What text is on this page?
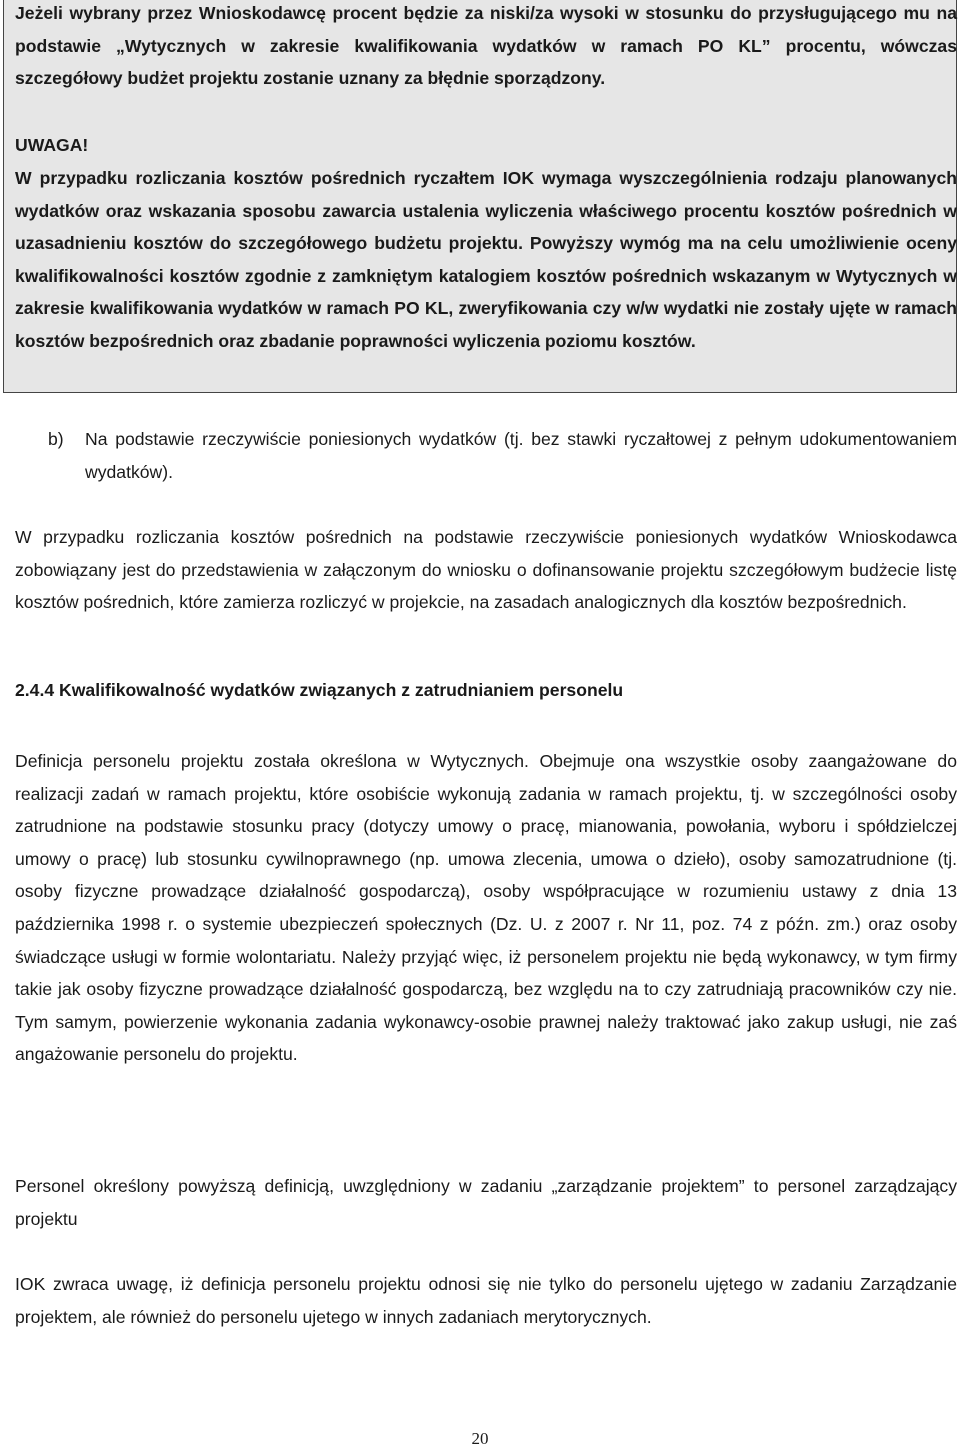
Jeżeli wybrany przez Wnioskodawcę procent będzie za niski/za wysoki w stosunku do przysługującego mu na podstawie „Wytycznych w zakresie kwalifikowania wydatków w ramach PO KL” procentu, wówczas szczegółowy budżet projektu zostanie uznany za błędnie sporządzony.

UWAGA!

W przypadku rozliczania kosztów pośrednich ryczałtem IOK wymaga wyszczególnienia rodzaju planowanych wydatków oraz wskazania sposobu zawarcia ustalenia wyliczenia właściwego procentu kosztów pośrednich w uzasadnieniu kosztów do szczegółowego budżetu projektu. Powyższy wymóg ma na celu umożliwienie oceny kwalifikowalności kosztów zgodnie z zamkniętym katalogiem kosztów pośrednich wskazanym w Wytycznych w zakresie kwalifikowania wydatków w ramach PO KL, zweryfikowania czy w/w wydatki nie zostały ujęte w ramach kosztów bezpośrednich oraz zbadanie poprawności wyliczenia poziomu kosztów.

b)	Na podstawie rzeczywiście poniesionych wydatków (tj. bez stawki ryczałtowej z pełnym udokumentowaniem wydatków).

W przypadku rozliczania kosztów pośrednich na podstawie rzeczywiście poniesionych wydatków Wnioskodawca zobowiązany jest do przedstawienia w załączonym do wniosku o dofinansowanie projektu szczegółowym budżecie listę kosztów pośrednich, które zamierza rozliczyć w projekcie, na zasadach analogicznych dla kosztów bezpośrednich.

2.4.4 Kwalifikowalność wydatków związanych z zatrudnianiem personelu

Definicja personelu projektu została określona w Wytycznych. Obejmuje ona wszystkie osoby zaangażowane do realizacji zadań w ramach projektu, które osobiście wykonują zadania w ramach projektu, tj. w szczególności osoby zatrudnione na podstawie stosunku pracy (dotyczy umowy o pracę, mianowania, powołania, wyboru i spółdzielczej umowy o pracę) lub stosunku cywilnoprawnego (np. umowa zlecenia, umowa o dzieło), osoby samozatrudnione (tj. osoby fizyczne prowadzące działalność gospodarczą), osoby współpracujące w rozumieniu ustawy z dnia 13 października 1998 r. o systemie ubezpieczeń społecznych (Dz. U. z 2007 r. Nr 11, poz. 74 z późn. zm.) oraz osoby świadczące usługi w formie wolontariatu. Należy przyjąć więc, iż personelem projektu nie będą wykonawcy, w tym firmy takie jak osoby fizyczne prowadzące działalność gospodarczą, bez względu na to czy zatrudniają pracowników czy nie. Tym samym, powierzenie wykonania zadania wykonawcy-osobie prawnej należy traktować jako zakup usługi, nie zaś angażowanie personelu do projektu.

Personel określony powyższą definicją, uwzględniony w zadaniu „zarządzanie projektem” to personel zarządzający projektu

IOK zwraca uwagę, iż definicja personelu projektu odnosi się nie tylko do personelu ujętego w zadaniu Zarządzanie projektem, ale również do personelu ujetego w innych zadaniach merytorycznych.

20
